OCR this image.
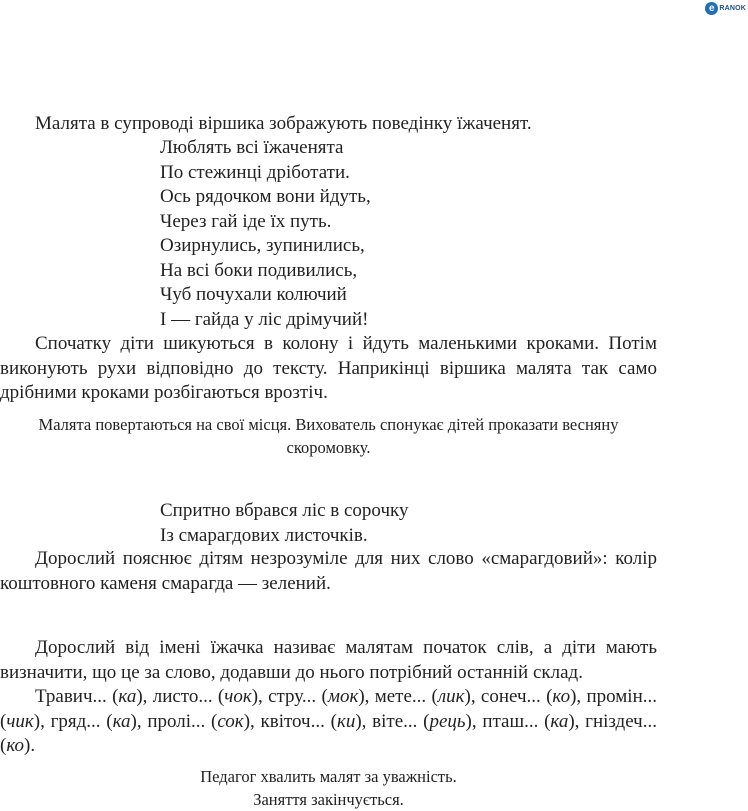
e RANOK
Малята в супроводі віршика зображують поведінку їжаченят.
Люблять всі їжаченята
По стежинці дріботати.
Ось рядочком вони йдуть,
Через гай іде їх путь.
Озирнулись, зупинились,
На всі боки подивились,
Чуб почухали колючий
І — гайда у ліс дрімучий!
Спочатку діти шикуються в колону і йдуть маленькими кроками. Потім виконують рухи відповідно до тексту. Наприкінці віршика малята так само дрібними кроками розбігаються врозтіч.
Малята повертаються на свої місця. Вихователь спонукає дітей проказати весняну скоромовку.
Спритно вбрався ліс в сорочку
Із смарагдових листочків.
Дорослий пояснює дітям незрозуміле для них слово «смарагдовий»: колір коштовного каменя смарагда — зелений.
Дорослий від імені їжачка називає малятам початок слів, а діти мають визначити, що це за слово, додавши до нього потрібний останній склад.
Травич... (ка), листо... (чок), стру... (мок), мете... (лик), сонеч... (ко), промін... (чик), гряд... (ка), пролі... (сок), квіточ... (ки), віте... (рець), пташ... (ка), гніздеч... (ко).
Педагог хвалить малят за уважність.
Заняття закінчується.
